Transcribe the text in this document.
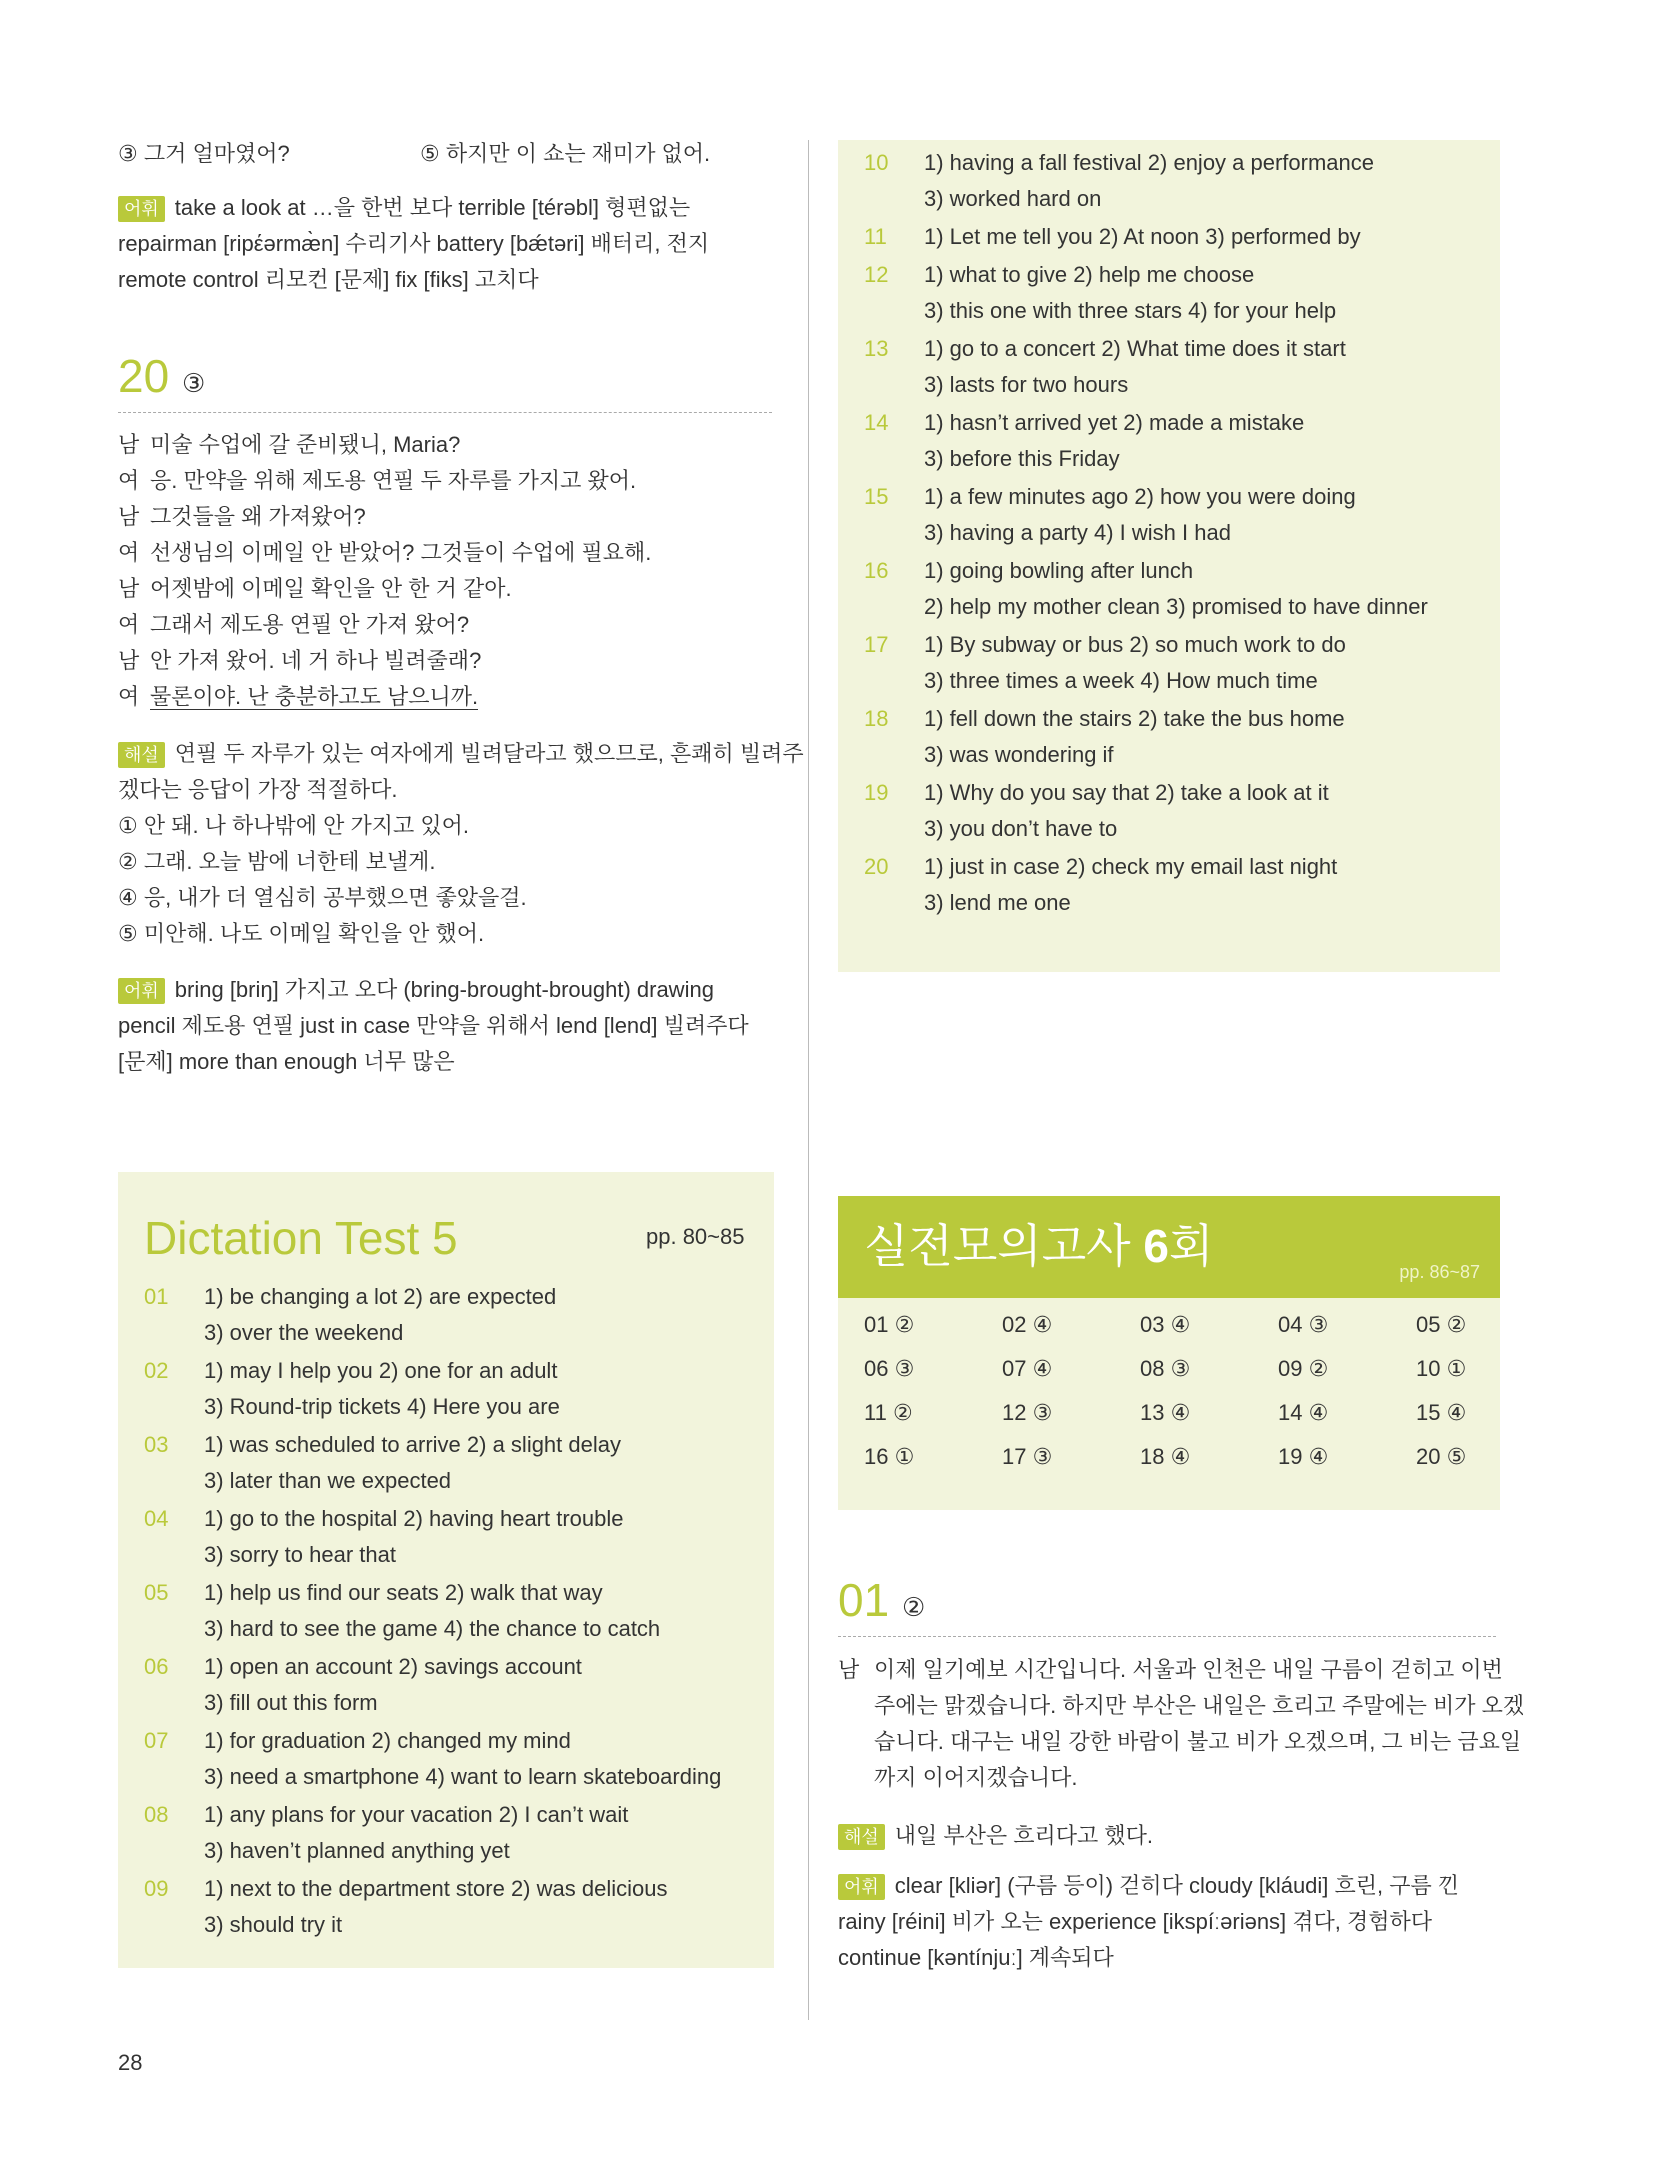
③ 그거 얼마였어?	⑤ 하지만 이 쇼는 재미가 없어.
어휘 take a look at …을 한번 보다 terrible [térəbl] 형편없는
repairman [ripέərmæ̀n] 수리기사 battery [bǽtəri] 배터리, 전지
remote control 리모컨 [문제] fix [fiks] 고치다
20 ③
남 미술 수업에 갈 준비됐니, Maria?
여 응. 만약을 위해 제도용 연필 두 자루를 가지고 왔어.
남 그것들을 왜 가져왔어?
여 선생님의 이메일 안 받았어? 그것들이 수업에 필요해.
남 어젯밤에 이메일 확인을 안 한 거 같아.
여 그래서 제도용 연필 안 가져 왔어?
남 안 가져 왔어. 네 거 하나 빌려줄래?
여 물론이야. 난 충분하고도 남으니까.
해설 연필 두 자루가 있는 여자에게 빌려달라고 했으므로, 흔쾌히 빌려주
겠다는 응답이 가장 적절하다.
① 안 돼. 나 하나밖에 안 가지고 있어.
② 그래. 오늘 밤에 너한테 보낼게.
④ 응, 내가 더 열심히 공부했으면 좋았을걸.
⑤ 미안해. 나도 이메일 확인을 안 했어.
어휘 bring [briŋ] 가지고 오다 (bring-brought-brought) drawing
pencil 제도용 연필 just in case 만약을 위해서 lend [lend] 빌려주다
[문제] more than enough 너무 많은
10 1) having a fall festival 2) enjoy a performance
3) worked hard on
11 1) Let me tell you 2) At noon 3) performed by
12 1) what to give 2) help me choose
3) this one with three stars 4) for your help
13 1) go to a concert 2) What time does it start
3) lasts for two hours
14 1) hasn’t arrived yet 2) made a mistake
3) before this Friday
15 1) a few minutes ago 2) how you were doing
3) having a party 4) I wish I had
16 1) going bowling after lunch
2) help my mother clean 3) promised to have dinner
17 1) By subway or bus 2) so much work to do
3) three times a week 4) How much time
18 1) fell down the stairs 2) take the bus home
3) was wondering if
19 1) Why do you say that 2) take a look at it
3) you don’t have to
20 1) just in case 2) check my email last night
3) lend me one
Dictation Test 5	pp. 80~85
01 1) be changing a lot 2) are expected
3) over the weekend
02 1) may I help you 2) one for an adult
3) Round-trip tickets 4) Here you are
03 1) was scheduled to arrive 2) a slight delay
3) later than we expected
04 1) go to the hospital 2) having heart trouble
3) sorry to hear that
05 1) help us find our seats 2) walk that way
3) hard to see the game 4) the chance to catch
06 1) open an account 2) savings account
3) fill out this form
07 1) for graduation 2) changed my mind
3) need a smartphone 4) want to learn skateboarding
08 1) any plans for your vacation 2) I can’t wait
3) haven’t planned anything yet
09 1) next to the department store 2) was delicious
3) should try it
실전모의고사 6회	pp. 86~87
01 ②	02 ④	03 ④	04 ③	05 ②
06 ③	07 ④	08 ③	09 ②	10 ①
11 ②	12 ③	13 ④	14 ④	15 ④
16 ①	17 ③	18 ④	19 ④	20 ⑤
01 ②
남 이제 일기예보 시간입니다. 서울과 인천은 내일 구름이 걷히고 이번
주에는 맑겠습니다. 하지만 부산은 내일은 흐리고 주말에는 비가 오겠
습니다. 대구는 내일 강한 바람이 불고 비가 오겠으며, 그 비는 금요일
까지 이어지겠습니다.
해설 내일 부산은 흐리다고 했다.
어휘 clear [kliər] (구름 등이) 걷히다 cloudy [kláudi] 흐린, 구름 낀
rainy [réini] 비가 오는 experience [ikspíːəriəns] 겪다, 경험하다
continue [kəntínjuː] 계속되다
28
